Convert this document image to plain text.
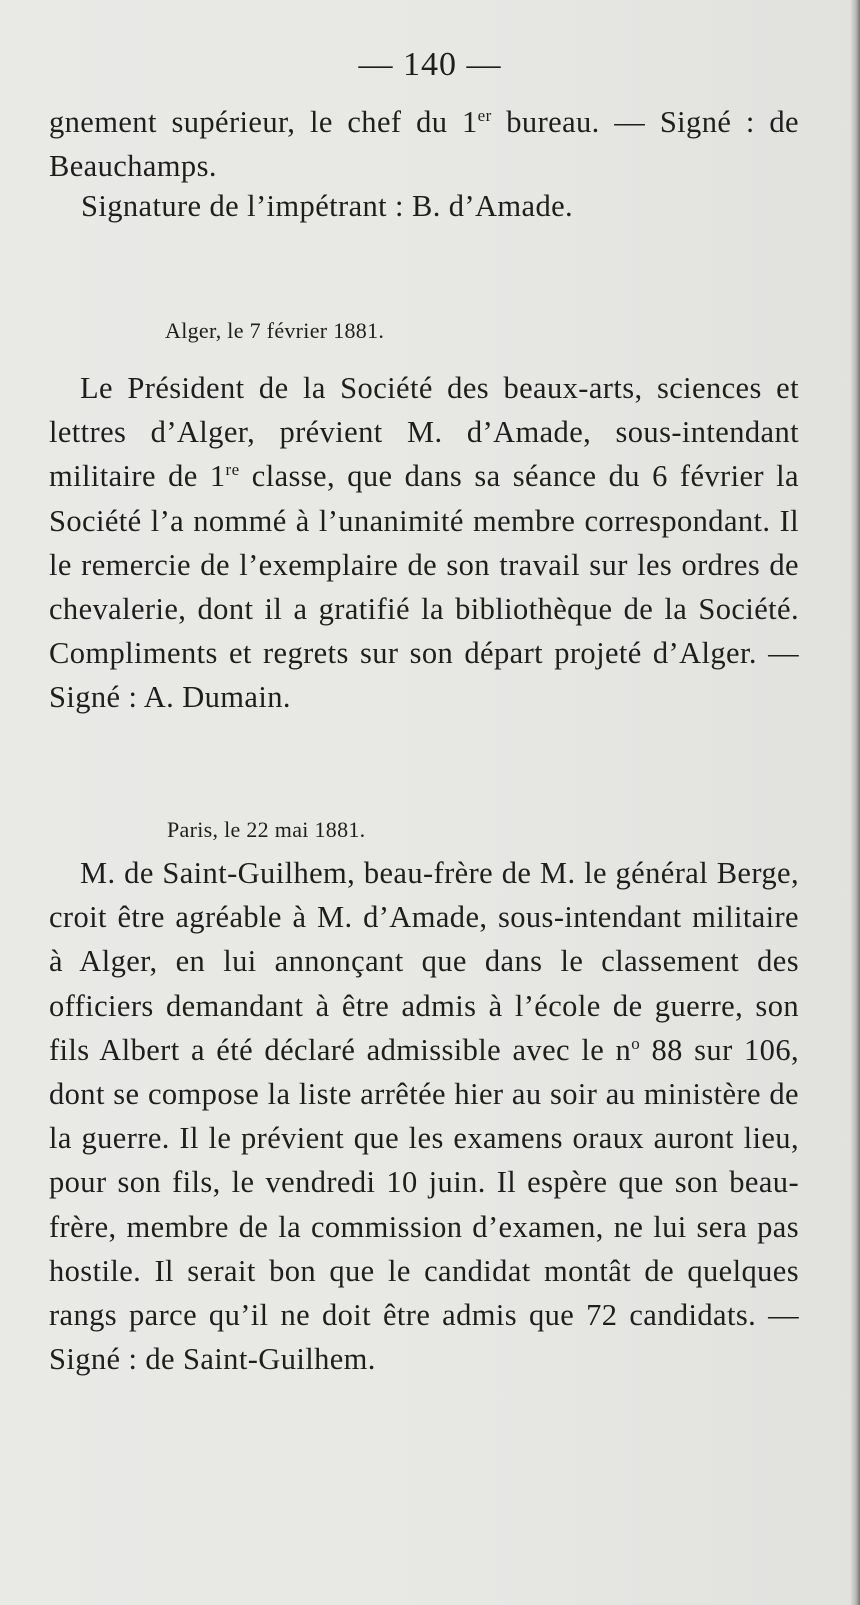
— 140 —

gnement supérieur, le chef du 1er bureau. — Signé : de Beauchamps.

Signature de l’impétrant : B. d’Amade.

Alger, le 7 février 1881.

Le Président de la Société des beaux-arts, sciences et lettres d’Alger, prévient M. d’Amade, sous-intendant militaire de 1re classe, que dans sa séance du 6 février la Société l’a nommé à l’unanimité membre correspondant. Il le remercie de l’exemplaire de son travail sur les ordres de chevalerie, dont il a gratifié la bibliothèque de la Société. Compliments et regrets sur son départ projeté d’Alger. — Signé : A. Dumain.

Paris, le 22 mai 1881.

M. de Saint-Guilhem, beau-frère de M. le général Berge, croit être agréable à M. d’Amade, sous-intendant militaire à Alger, en lui annonçant que dans le classement des officiers demandant à être admis à l’école de guerre, son fils Albert a été déclaré admissible avec le $n^o$ 88 sur 106, dont se compose la liste arrêtée hier au soir au ministère de la guerre. Il le prévient que les examens oraux auront lieu, pour son fils, le vendredi 10 juin. Il espère que son beau-frère, membre de la commission d’examen, ne lui sera pas hostile. Il serait bon que le candidat montât de quelques rangs parce qu’il ne doit être admis que 72 candidats. — Signé : de Saint-Guilhem.
